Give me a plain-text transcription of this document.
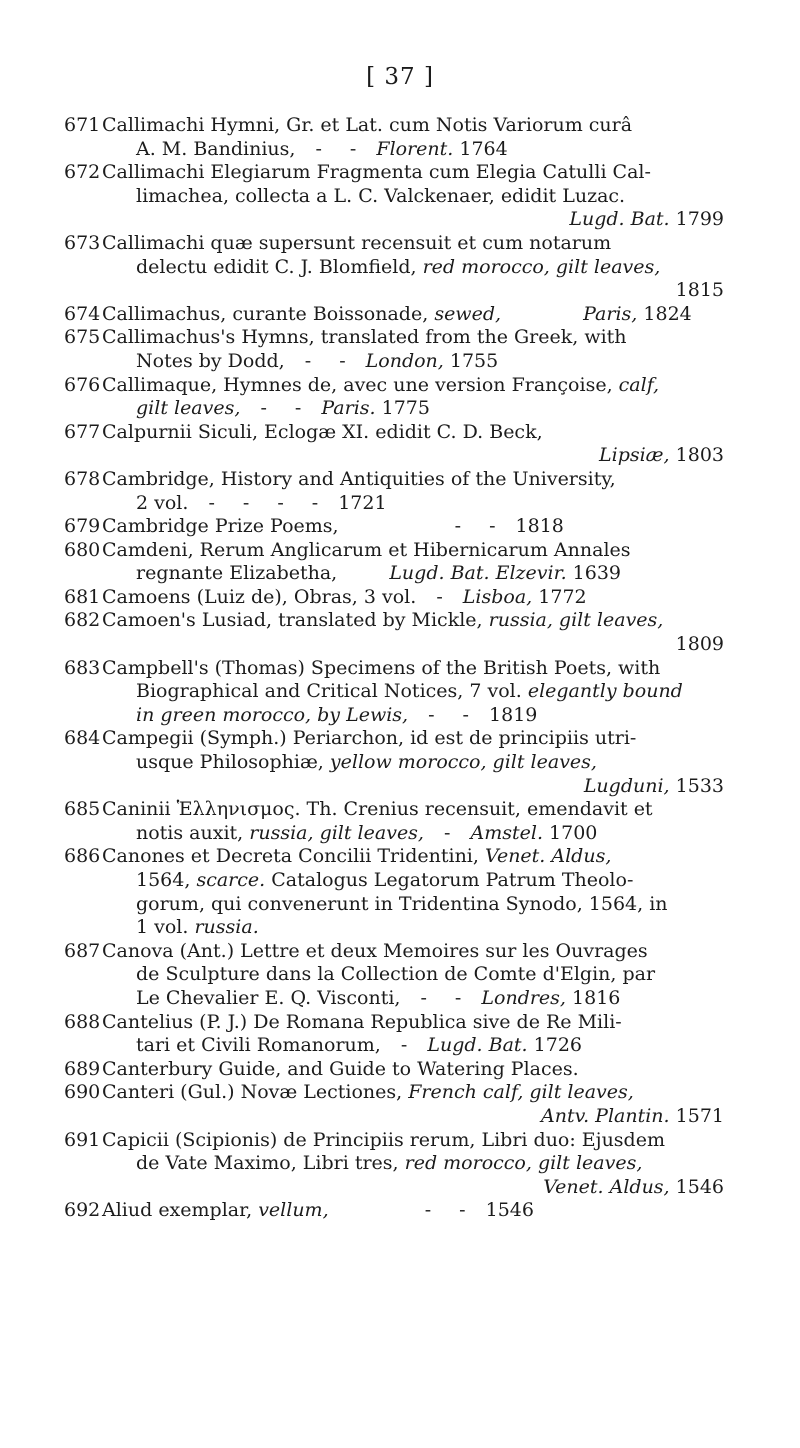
[ 37 ]
671 Callimachi Hymni, Gr. et Lat. cum Notis Variorum curâ
A. M. Bandinius, - - Florent. 1764
672 Callimachi Elegiarum Fragmenta cum Elegia Catulli Cal-
limachea, collecta a L. C. Valckenaer, edidit Luzac.
Lugd. Bat. 1799
673 Callimachi quæ supersunt recensuit et cum notarum
delectu edidit C. J. Blomfield, red morocco, gilt leaves,
1815
674 Callimachus, curante Boissonade, sewed,	Paris, 1824
675 Callimachus's Hymns, translated from the Greek, with
Notes by Dodd, - - London, 1755
676 Callimaque, Hymnes de, avec une version Françoise, calf,
gilt leaves, - - Paris. 1775
677 Calpurnii Siculi, Eclogæ XI. edidit C. D. Beck,
Lipsiæ, 1803
678 Cambridge, History and Antiquities of the University,
2 vol. - - - - 1721
679 Cambridge Prize Poems,	- - 1818
680 Camdeni, Rerum Anglicarum et Hibernicarum Annales
regnante Elizabetha,	Lugd. Bat. Elzevir. 1639
681 Camoens (Luiz de), Obras, 3 vol. - Lisboa, 1772
682 Camoen's Lusiad, translated by Mickle, russia, gilt leaves,
1809
683 Campbell's (Thomas) Specimens of the British Poets, with
Biographical and Critical Notices, 7 vol. elegantly bound
in green morocco, by Lewis, - - 1819
684 Campegii (Symph.) Periarchon, id est de principiis utri-
usque Philosophiæ, yellow morocco, gilt leaves,
Lugduni, 1533
685 Caninii Ἑλληνισμος. Th. Crenius recensuit, emendavit et
notis auxit, russia, gilt leaves, - Amstel. 1700
686 Canones et Decreta Concilii Tridentini, Venet. Aldus,
1564, scarce. Catalogus Legatorum Patrum Theolo-
gorum, qui convenerunt in Tridentina Synodo, 1564, in
1 vol. russia.
687 Canova (Ant.) Lettre et deux Memoires sur les Ouvrages
de Sculpture dans la Collection de Comte d'Elgin, par
Le Chevalier E. Q. Visconti, - - Londres, 1816
688 Cantelius (P. J.) De Romana Republica sive de Re Mili-
tari et Civili Romanorum, - Lugd. Bat. 1726
689 Canterbury Guide, and Guide to Watering Places.
690 Canteri (Gul.) Novæ Lectiones, French calf, gilt leaves,
Antv. Plantin. 1571
691 Capicii (Scipionis) de Principiis rerum, Libri duo: Ejusdem
de Vate Maximo, Libri tres, red morocco, gilt leaves,
Venet. Aldus, 1546
692 Aliud exemplar, vellum,	- - 1546
